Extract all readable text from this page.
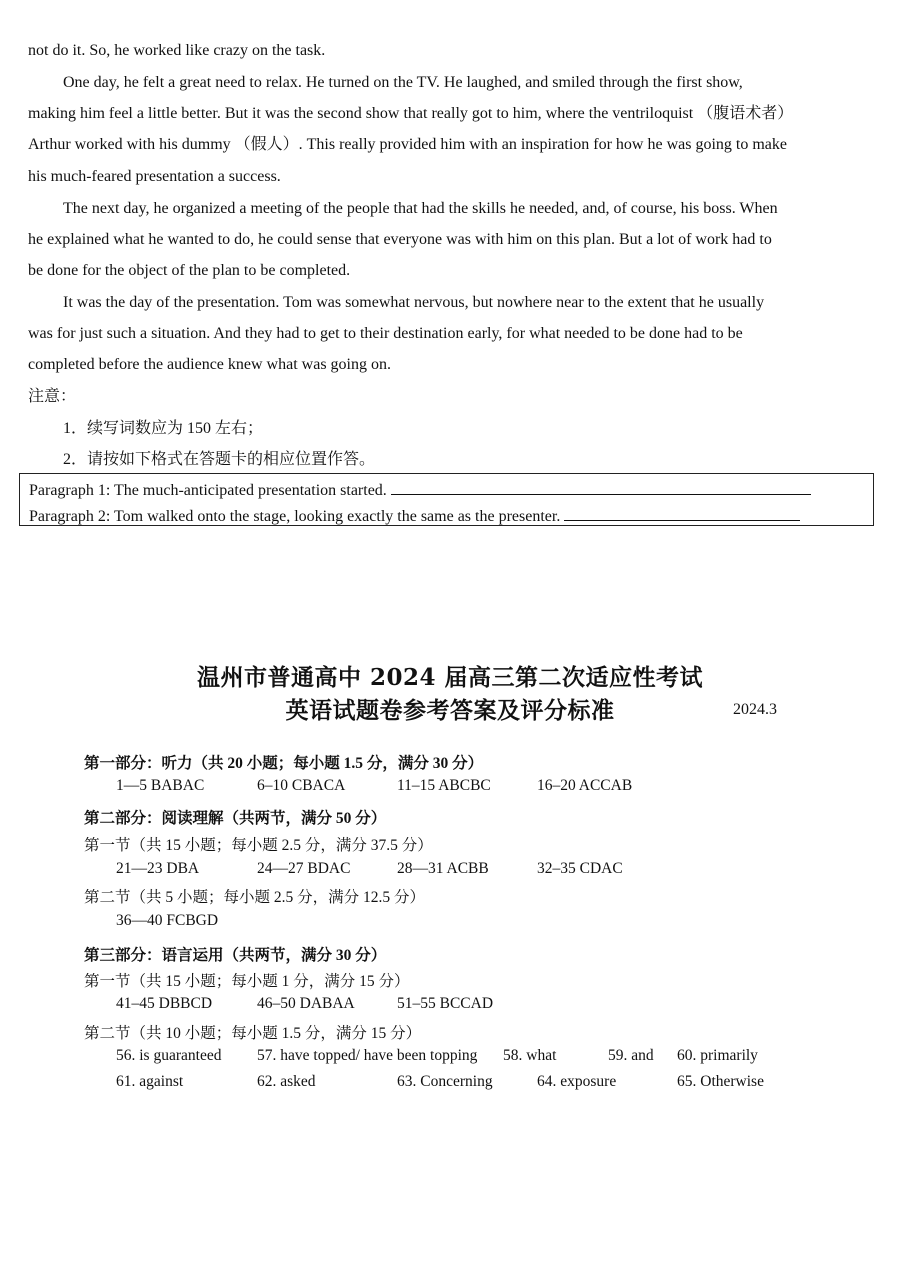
not do it. So, he worked like crazy on the task.
One day, he felt a great need to relax. He turned on the TV. He laughed, and smiled through the first show,
making him feel a little better. But it was the second show that really got to him, where the ventriloquist （腹语术者）
Arthur worked with his dummy （假人）. This really provided him with an inspiration for how he was going to make
his much-feared presentation a success.
The next day, he organized a meeting of the people that had the skills he needed, and, of course, his boss. When
he explained what he wanted to do, he could sense that everyone was with him on this plan. But a lot of work had to
be done for the object of the plan to be completed.
It was the day of the presentation. Tom was somewhat nervous, but nowhere near to the extent that he usually
was for just such a situation. And they had to get to their destination early, for what needed to be done had to be
completed before the audience knew what was going on.
注意：
1．续写词数应为 150 左右；
2．请按如下格式在答题卡的相应位置作答。
Paragraph 1: The much-anticipated presentation started.
Paragraph 2: Tom walked onto the stage, looking exactly the same as the presenter.
温州市普通高中 2024 届高三第二次适应性考试
英语试题卷参考答案及评分标准	2024.3
第一部分：听力（共 20 小题；每小题 1.5 分，满分 30 分）
1—5 BABAC	6–10 CBACA	11–15 ABCBC	16–20 ACCAB
第二部分：阅读理解（共两节，满分 50 分）
第一节（共 15 小题；每小题 2.5 分，满分 37.5 分）
21—23 DBA	24—27 BDAC	28—31 ACBB	32–35 CDAC
第二节（共 5 小题；每小题 2.5 分，满分 12.5 分）
36—40 FCBGD
第三部分：语言运用（共两节，满分 30 分）
第一节（共 15 小题；每小题 1 分，满分 15 分）
41–45 DBBCD	46–50 DABAA	51–55 BCCAD
第二节（共 10 小题；每小题 1.5 分，满分 15 分）
56. is guaranteed 57. have topped/ have been topping 58. what	59. and 60. primarily
61. against	62. asked	63. Concerning	64. exposure	65. Otherwise
